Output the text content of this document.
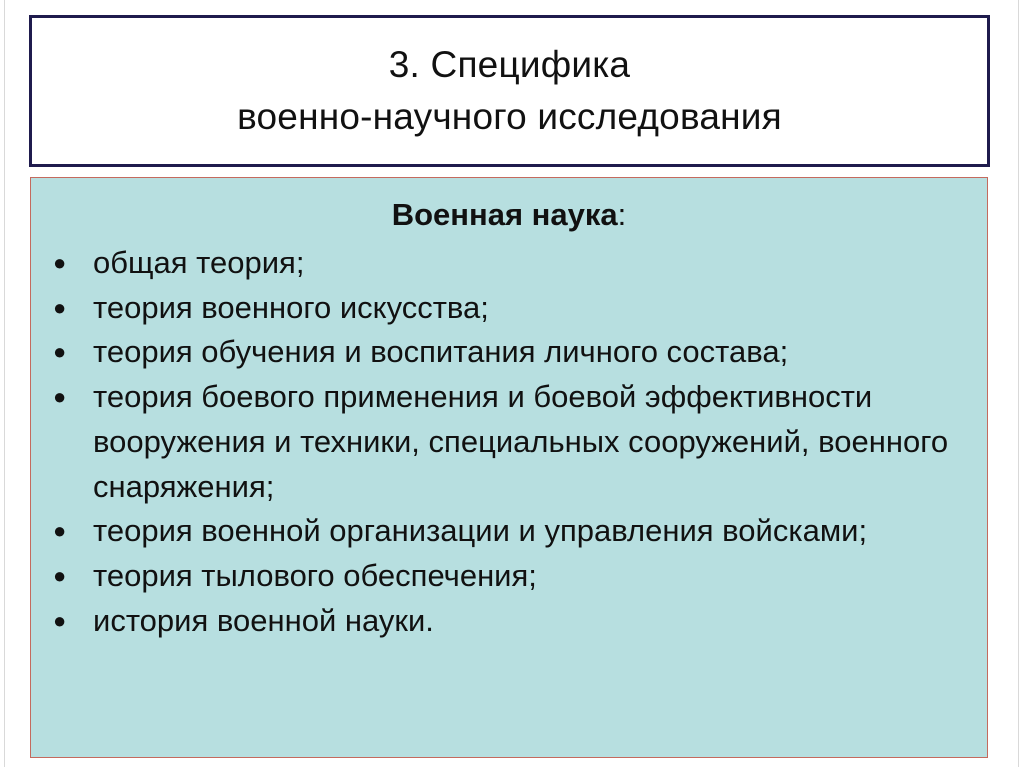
3. Специфика
военно-научного исследования
Военная наука:
● общая теория;
● теория военного искусства;
● теория обучения и воспитания личного состава;
● теория боевого применения и боевой эффективности вооружения и техники, специальных сооружений, военного снаряжения;
● теория военной организации и управления войсками;
● теория тылового обеспечения;
● история военной науки.
